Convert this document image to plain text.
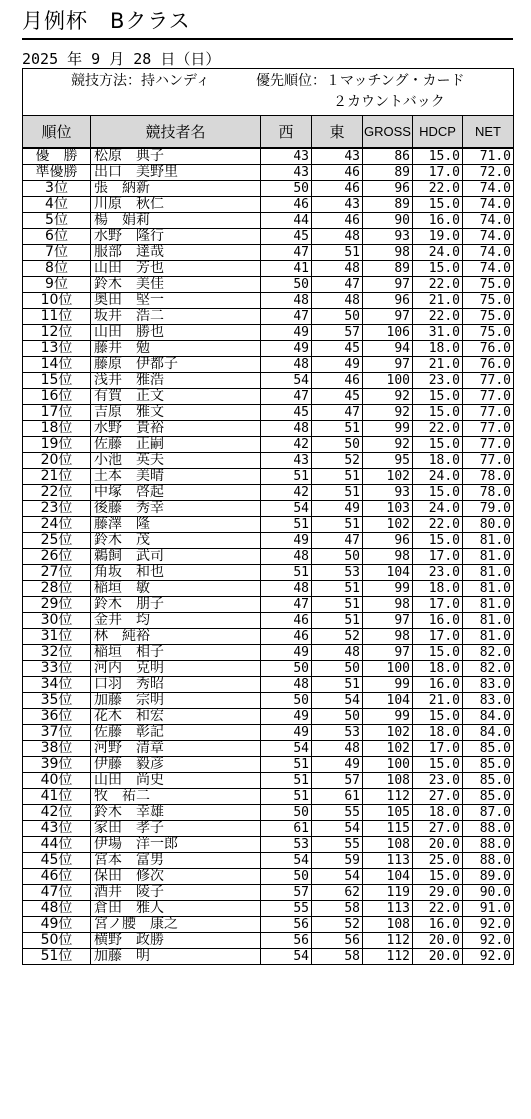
月例杯　Bクラス
2025 年 9 月 28 日（日）
競技方法：持ハンディ	優先順位：１マッチング・カード
２カウントバック
順位	競技者名	西	東	GROSS	HDCP	NET
優　勝	松原　典子	43	43	86	15.0	71.0
準優勝	出口　美野里	43	46	89	17.0	72.0
3位	張　納新	50	46	96	22.0	74.0
4位	川原　秋仁	46	43	89	15.0	74.0
5位	楊　娟莉	44	46	90	16.0	74.0
6位	水野　隆行	45	48	93	19.0	74.0
7位	服部　達哉	47	51	98	24.0	74.0
8位	山田　芳也	41	48	89	15.0	74.0
9位	鈴木　美佳	50	47	97	22.0	75.0
10位	奥田　堅一	48	48	96	21.0	75.0
11位	坂井　浩二	47	50	97	22.0	75.0
12位	山田　勝也	49	57	106	31.0	75.0
13位	藤井　勉	49	45	94	18.0	76.0
14位	藤原　伊都子	48	49	97	21.0	76.0
15位	浅井　雅浩	54	46	100	23.0	77.0
16位	有賀　正文	47	45	92	15.0	77.0
17位	吉原　雅文	45	47	92	15.0	77.0
18位	水野　貴裕	48	51	99	22.0	77.0
19位	佐藤　正嗣	42	50	92	15.0	77.0
20位	小池　英夫	43	52	95	18.0	77.0
21位	土本　美晴	51	51	102	24.0	78.0
22位	中塚　啓起	42	51	93	15.0	78.0
23位	後藤　秀幸	54	49	103	24.0	79.0
24位	藤澤　隆	51	51	102	22.0	80.0
25位	鈴木　茂	49	47	96	15.0	81.0
26位	鵜飼　武司	48	50	98	17.0	81.0
27位	角坂　和也	51	53	104	23.0	81.0
28位	稲垣　敏	48	51	99	18.0	81.0
29位	鈴木　朋子	47	51	98	17.0	81.0
30位	金井　均	46	51	97	16.0	81.0
31位	林　純裕	46	52	98	17.0	81.0
32位	稲垣　相子	49	48	97	15.0	82.0
33位	河内　克明	50	50	100	18.0	82.0
34位	口羽　秀昭	48	51	99	16.0	83.0
35位	加藤　宗明	50	54	104	21.0	83.0
36位	花木　和宏	49	50	99	15.0	84.0
37位	佐藤　彰記	49	53	102	18.0	84.0
38位	河野　清章	54	48	102	17.0	85.0
39位	伊藤　毅彦	51	49	100	15.0	85.0
40位	山田　尚史	51	57	108	23.0	85.0
41位	牧　祐二	51	61	112	27.0	85.0
42位	鈴木　幸雄	50	55	105	18.0	87.0
43位	家田　孝子	61	54	115	27.0	88.0
44位	伊場　洋一郎	53	55	108	20.0	88.0
45位	宮本　富男	54	59	113	25.0	88.0
46位	保田　修次	50	54	104	15.0	89.0
47位	酒井　陵子	57	62	119	29.0	90.0
48位	倉田　雅人	55	58	113	22.0	91.0
49位	宮ノ腰　康之	56	52	108	16.0	92.0
50位	横野　政勝	56	56	112	20.0	92.0
51位	加藤　明	54	58	112	20.0	92.0
